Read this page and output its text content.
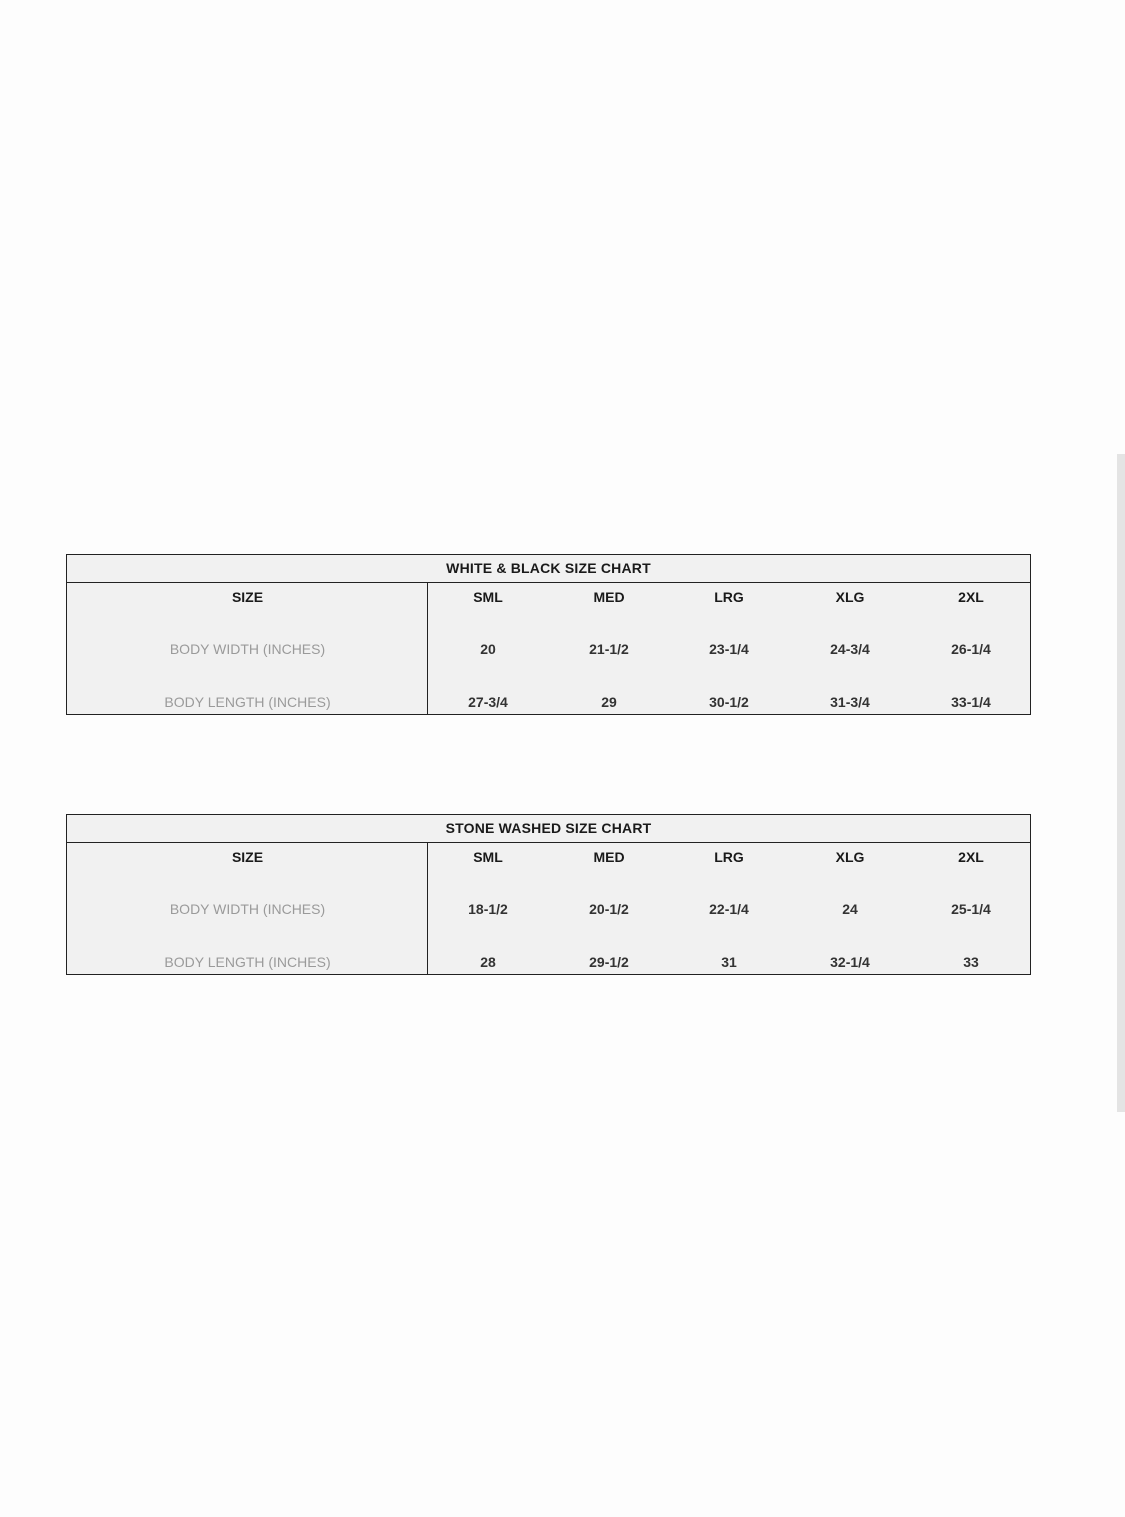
WHITE & BLACK SIZE CHART
SIZE
BODY WIDTH (INCHES)
BODY LENGTH (INCHES)
SML
20
27-3/4
MED
21-1/2
29
LRG
23-1/4
30-1/2
XLG
24-3/4
31-3/4
2XL
26-1/4
33-1/4
STONE WASHED SIZE CHART
SIZE
BODY WIDTH (INCHES)
BODY LENGTH (INCHES)
SML
18-1/2
28
MED
20-1/2
29-1/2
LRG
22-1/4
31
XLG
24
32-1/4
2XL
25-1/4
33
